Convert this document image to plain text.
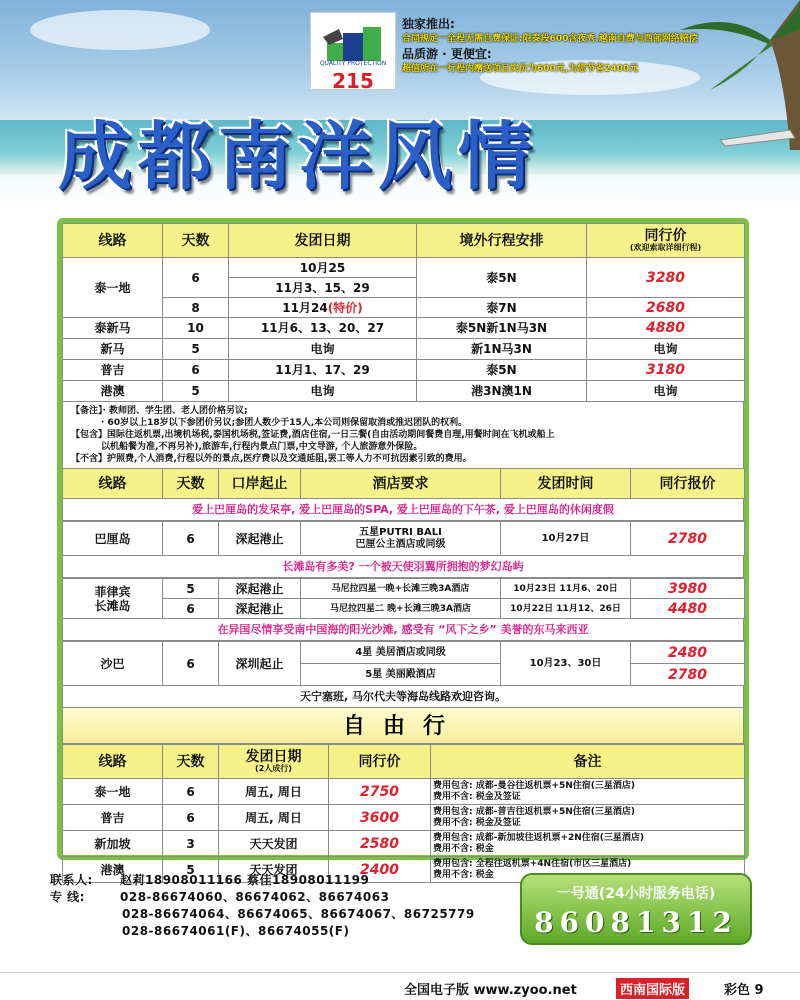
QUALITY PROTECTION
215
独家推出:
合同规定一全程无需自费保证:限泰段600含夜秀.越南自费与西部网络赔偿
品质游 · 更便宜:
超值所在一行程内赠送项目实价为600元,为您节省2400元
成都南洋风情
线路	天数	发团日期	境外行程安排	同行价
(欢迎索取详细行程)

泰一地	6	10月25	泰5N	3280
		11月3、15、29		
	8	11月24(特价)	泰7N	2680
泰新马	10	11月6、13、20、27	泰5N新1N马3N	4880
新马	5	电询	新1N马3N	电询
普吉	6	11月1、17、29	泰5N	3180
港澳	5	电询	港3N澳1N	电询
【备注】· 教师团、学生团、老人团价格另议;
· 60岁以上18岁以下参团价另议;参团人数少于15人,本公司则保留取消或推迟团队的权利。
【包含】国际往返机票,出境机场税,泰国机场税,签证费,酒店住宿,一日三餐(自由活动期间餐费自理,用餐时间在飞机或船上
以机船餐为准,不再另补),旅游车,行程内景点门票,中文导游, 个人旅游意外保险。
【不含】护照费,个人消费,行程以外的景点,医疗费以及交通延阻,罢工等人力不可抗因素引致的费用。
线路	天数	口岸起止	酒店要求	发团时间	同行报价
爱上巴厘岛的发呆亭, 爱上巴厘岛的SPA, 爱上巴厘岛的下午茶, 爱上巴厘岛的休闲度假
巴厘岛	6	深起港止	五星PUTRI BALI
巴厘公主酒店或同级
	10月27日	2780
长滩岛有多美? 一个被天使羽翼所拥抱的梦幻岛屿
菲律宾
长滩岛	5	深起港止	马尼拉四星一晚+长滩三晚3A酒店	10月23日 11月6、20日	3980
	6	深起港止	马尼拉四星二 晚+长滩三晚3A酒店	10月22日 11月12、26日	4480
在异国尽情享受南中国海的阳光沙滩, 感受有 “风下之乡” 美誉的东马来西亚
沙巴	6	深圳起止	4星 美居酒店或同级	10月23、30日	2480
			5星 美丽殿酒店		2780
天宁塞班, 马尔代夫等海岛线路欢迎咨询。
自由行
线路	天数	发团日期
(2人成行)	同行价	备注
泰一地	6	周五, 周日	2750	费用包含: 成都-曼谷往返机票+5N住宿(三星酒店)
费用不含: 税金及签证

普吉	6	周五, 周日	3600	费用包含: 成都-普吉往返机票+5N住宿(三星酒店)
费用不含: 税金及签证

新加坡	3	天天发团	2580	费用包含: 成都-新加坡往返机票+2N住宿(三星酒店)
费用不含: 税金

港澳	5	天天发团	2400	费用包含: 全程往返机票+4N住宿(市区三星酒店)
费用不含: 税金
联系人: 赵莉18908011166 蔡佳18908011199
专 线:	028-86674060、86674062、86674063
028-86674064、86674065、86674067、86725779
028-86674061(F)、86674055(F)
一号通(24小时服务电话)
86081312
全国电子版 www.zyoo.net	西南国际版	彩色 9
